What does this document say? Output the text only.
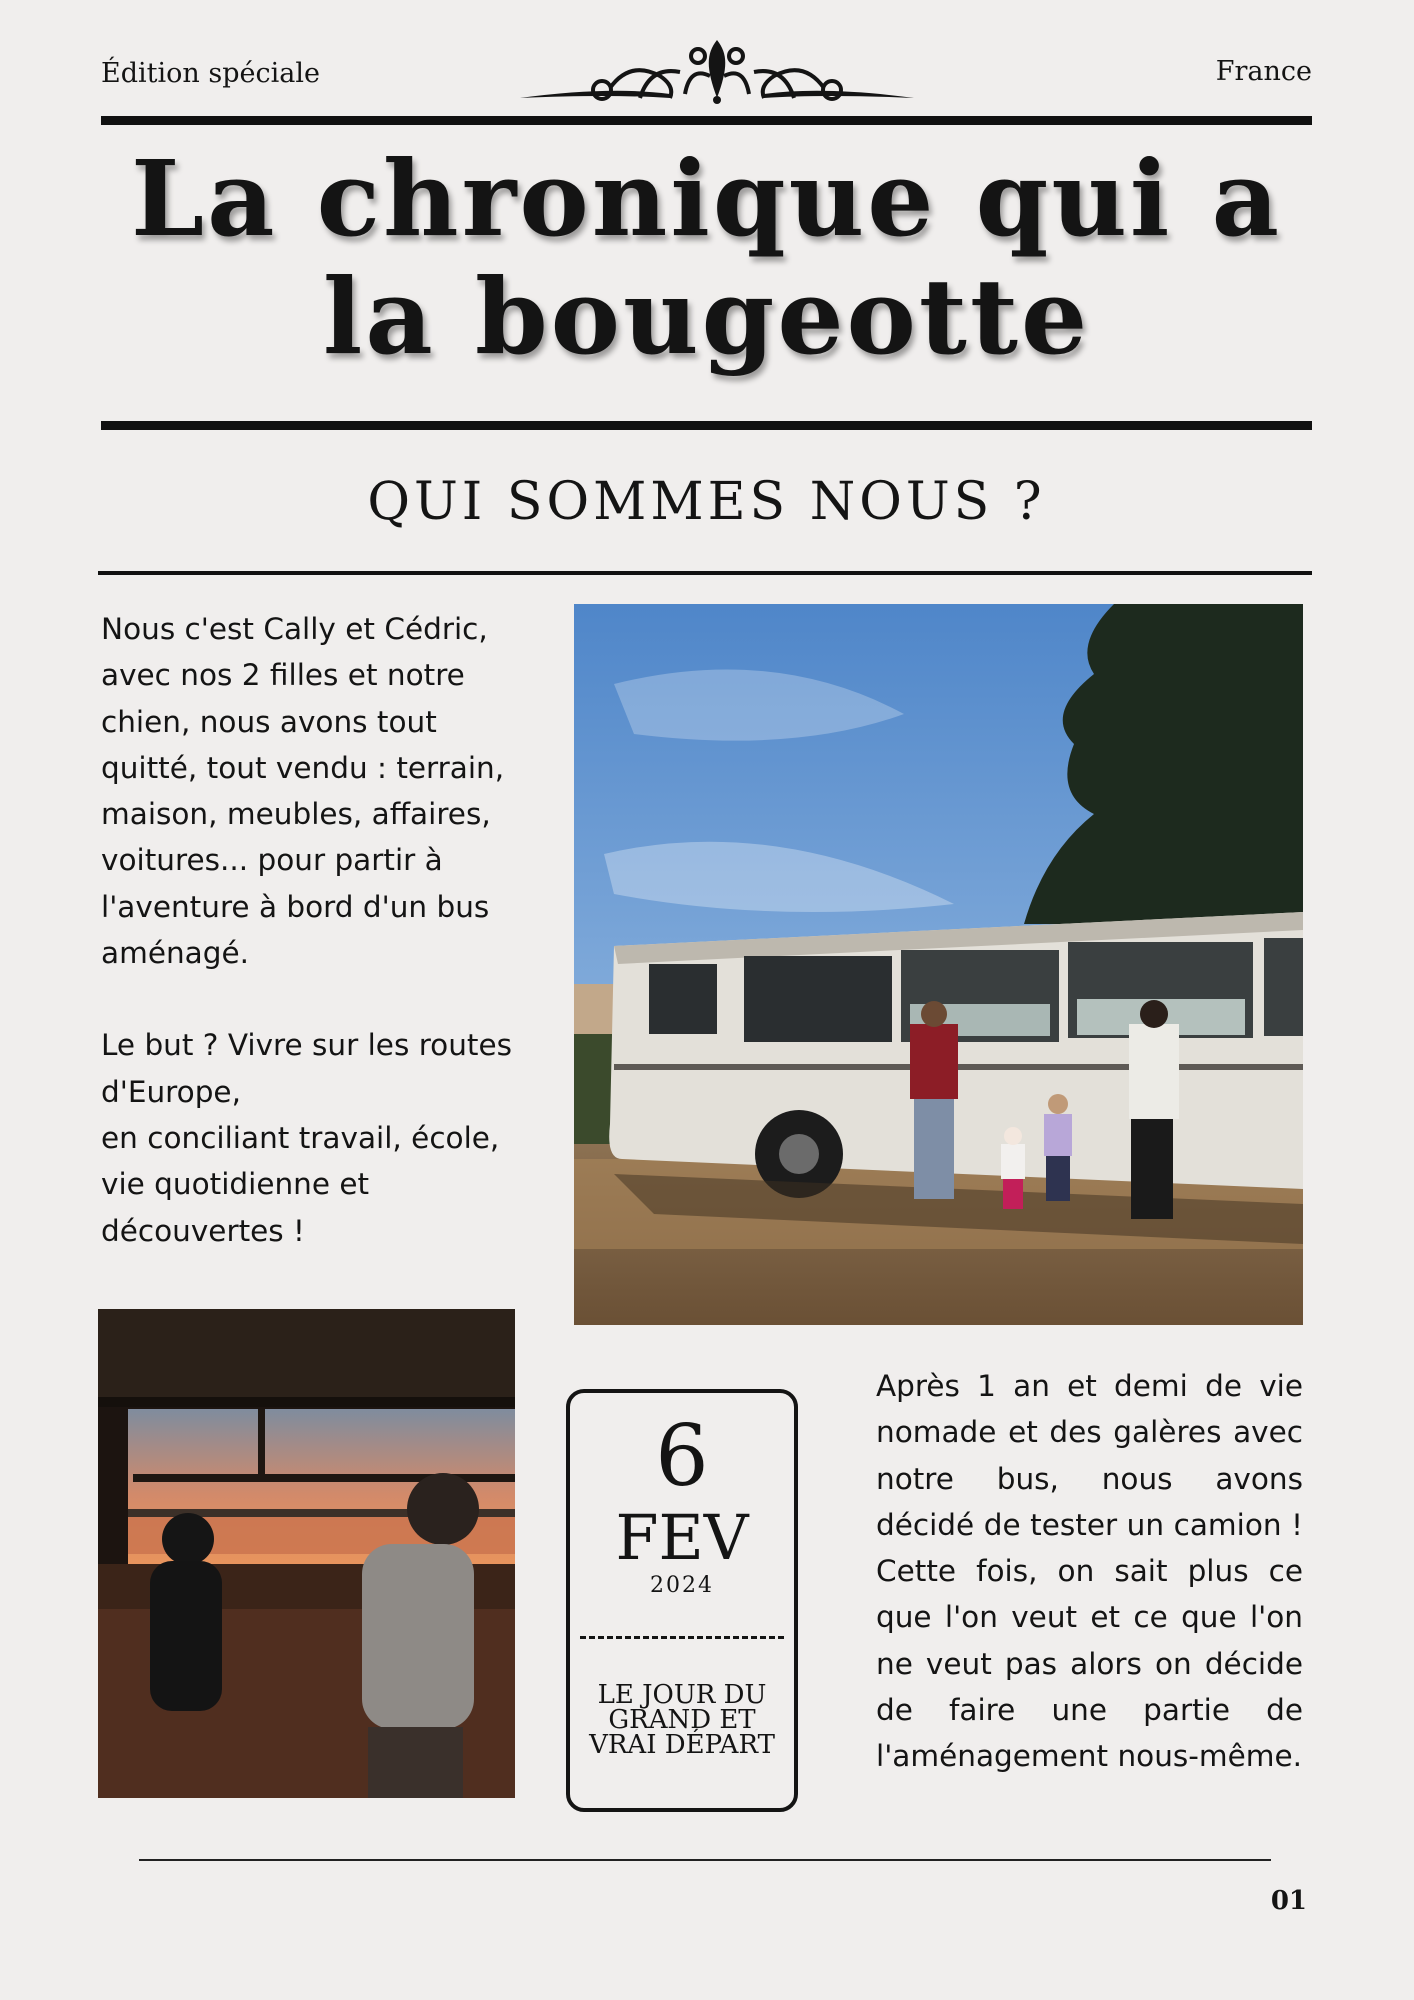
Édition spéciale	France
La chronique qui a
la bougeotte
QUI SOMMES NOUS ?

Nous c'est Cally et Cédric, avec nos 2 filles et notre chien, nous avons tout quitté, tout vendu : terrain, maison, meubles, affaires, voitures... pour partir à l'aventure à bord d'un bus aménagé.

Le but ? Vivre sur les routes d'Europe,
en conciliant travail, école, vie quotidienne et découvertes !

6
FEV
2024
LE JOUR DU GRAND ET VRAI DÉPART

Après 1 an et demi de vie nomade et des galères avec notre bus, nous avons décidé de tester un camion ! Cette fois, on sait plus ce que l'on veut et ce que l'on ne veut pas alors on décide de faire une partie de l'aménagement nous-même.

01
